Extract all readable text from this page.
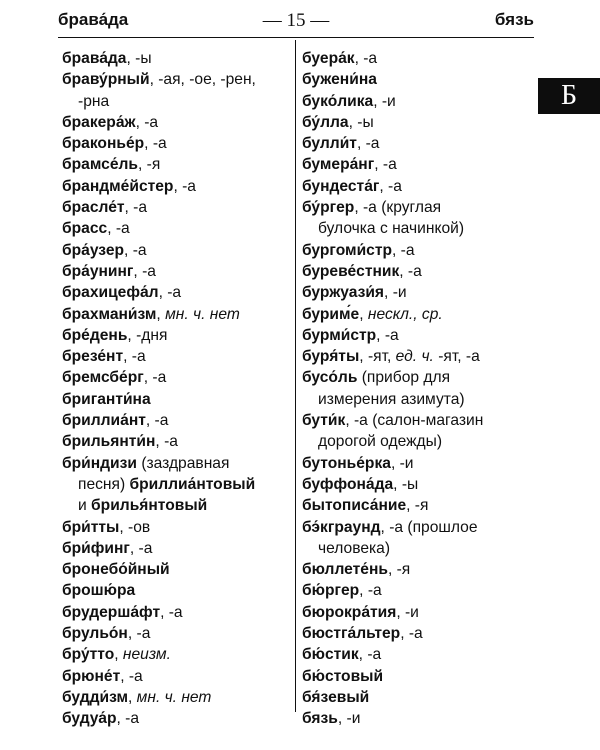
брава́да	— 15 —	бязь
брава́да, -ы
браву́рный, -ая, -ое, -рен,
-рна
бракера́ж, -а
браконье́р, -а
брамсе́ль, -я
брандме́йстер, -а
брасле́т, -а
брасс, -а
бра́узер, -а
бра́унинг, -а
брахицефа́л, -а
брахмани́зм, мн. ч. нет
бре́день, -дня
брезе́нт, -а
бремсбе́рг, -а
бриганти́на
бриллиа́нт, -а
брильянти́н, -а
бри́ндизи (заздравная
песня) бриллиа́нтовый
и брилья́нтовый
бри́тты, -ов
бри́финг, -а
бронебо́йный
брошю́ра
брудерша́фт, -а
брульо́н, -а
бру́тто, неизм.
брюне́т, -а
будди́зм, мн. ч. нет
будуа́р, -а
буера́к, -а
бужени́на
буко́лика, -и
бу́лла, -ы
булли́т, -а
бумера́нг, -а
бундеста́г, -а
бу́ргер, -а (круглая
булочка с начинкой)
бургоми́стр, -а
буреве́стник, -а
буржуази́я, -и
бурим́е, нескл., ср.
бурми́стр, -а
буря́ты, -ят, ед. ч. -ят, -а
бусо́ль (прибор для
измерения азимута)
бути́к, -а (салон-магазин
дорогой одежды)
бутонье́рка, -и
буффона́да, -ы
бытописа́ние, -я
бэ́кграунд, -а (прошлое
человека)
бюллете́нь, -я
бю́ргер, -а
бюрокра́тия, -и
бюстга́льтер, -а
бю́стик, -а
бю́стовый
бя́зевый
бязь, -и
Б
